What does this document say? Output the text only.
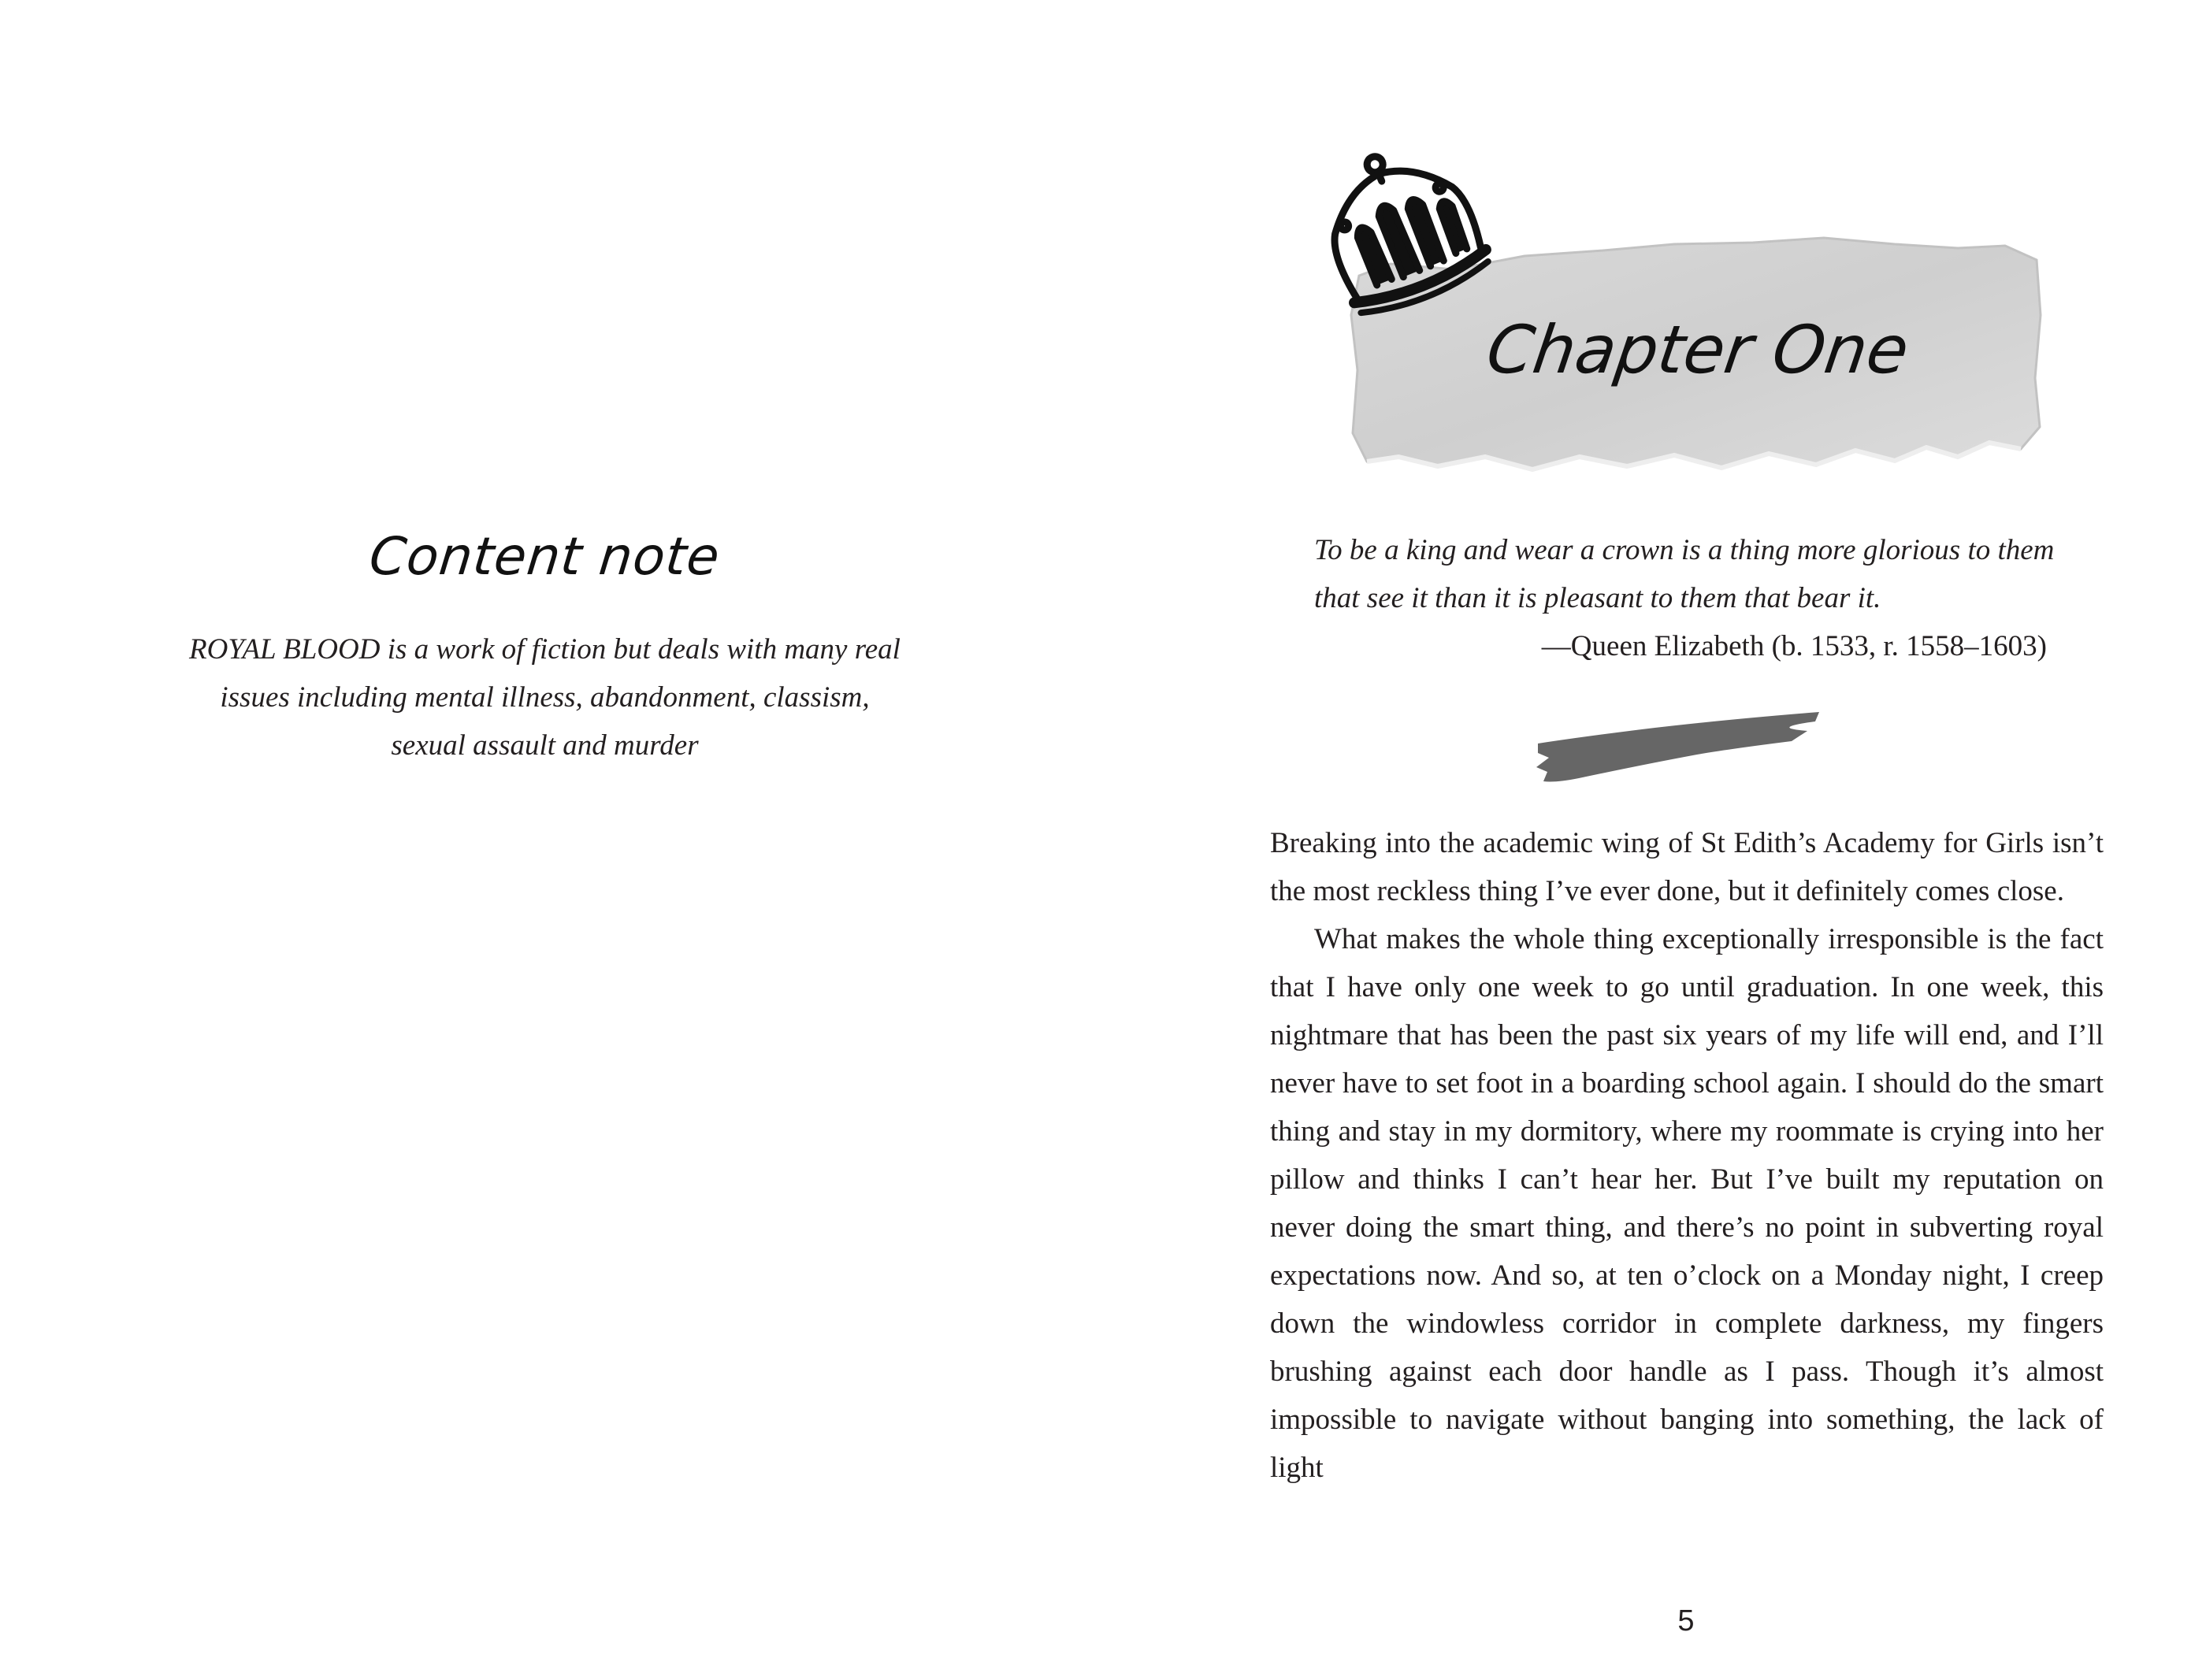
Content note

ROYAL BLOOD is a work of fiction but deals with many real issues including mental illness, abandonment, classism, sexual assault and murder

Chapter One

To be a king and wear a crown is a thing more glorious to them that see it than it is pleasant to them that bear it.

—Queen Elizabeth (b. 1533, r. 1558–1603)

Breaking into the academic wing of St Edith’s Academy for Girls isn’t the most reckless thing I’ve ever done, but it definitely comes close.

What makes the whole thing exceptionally irresponsible is the fact that I have only one week to go until graduation. In one week, this nightmare that has been the past six years of my life will end, and I’ll never have to set foot in a boarding school again. I should do the smart thing and stay in my dormitory, where my roommate is crying into her pillow and thinks I can’t hear her. But I’ve built my reputation on never doing the smart thing, and there’s no point in subverting royal expectations now. And so, at ten o’clock on a Monday night, I creep down the windowless corridor in complete darkness, my fingers brushing against each door handle as I pass. Though it’s almost impossible to navigate without banging into something, the lack of light

5
